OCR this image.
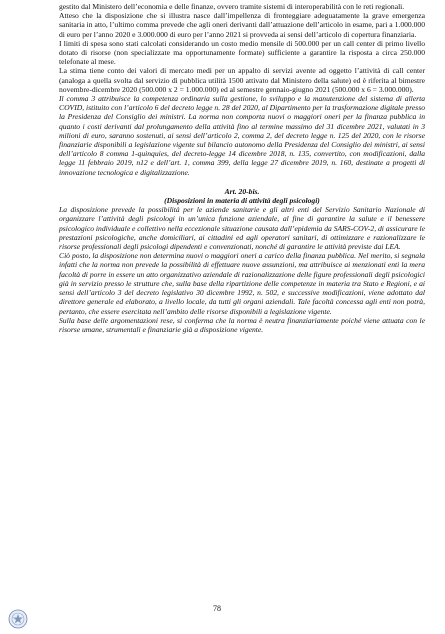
gestito dal Ministero dell’economia e delle finanze, ovvero tramite sistemi di interoperabilità con le reti regionali.

Atteso che la disposizione che si illustra nasce dall’impellenza di fronteggiare adeguatamente la grave emergenza sanitaria in atto, l’ultimo comma prevede che agli oneri derivanti dall’attuazione dell’articolo in esame, pari a 1.000.000 di euro per l’anno 2020 e 3.000.000 di euro per l’anno 2021 si provveda ai sensi dell’articolo di copertura finanziaria.

I limiti di spesa sono stati calcolati considerando un costo medio mensile di 500.000 per un call center di primo livello dotato di risorse (non specializzate ma opportunamente formate) sufficiente a garantire la risposta a circa 250.000 telefonate al mese.

La stima tiene conto dei valori di mercato medi per un appalto di servizi avente ad oggetto l’attività di call center (analoga a quella svolta dal servizio di pubblica utilità 1500 attivato dal Ministero della salute) ed è riferita al bimestre novembre-dicembre 2020 (500.000 x 2 = 1.000.000) ed al semestre gennaio-giugno 2021 (500.000 x 6 = 3.000.000).

Il comma 3 attribuisce la competenza ordinaria sulla gestione, lo sviluppo e la manutenzione del sistema di allerta COVID, istituito con l’articolo 6 del decreto legge n. 28 del 2020, al Dipartimento per la trasformazione digitale presso la Presidenza del Consiglio dei ministri. La norma non comporta nuovi o maggiori oneri per la finanza pubblica in quanto i costi derivanti dal prolungamento della attività fino al termine massimo del 31 dicembre 2021, valutati in 3 milioni di euro, saranno sostenuti, ai sensi dell’articolo 2, comma 2, del decreto legge n. 125 del 2020, con le risorse finanziarie disponibili a legislazione vigente sul bilancio autonomo della Presidenza del Consiglio dei ministri, ai sensi dell’articolo 8 comma 1-quinquies, del decreto-legge 14 dicembre 2018, n. 135, convertito, con modificazioni, dalla legge 11 febbraio 2019, n12 e dell’art. 1, comma 399, della legge 27 dicembre 2019, n. 160, destinate a progetti di innovazione tecnologica e digitalizzazione.

Art. 20-bis.
(Disposizioni in materia di attività degli psicologi)

La disposizione prevede la possibilità per le aziende sanitarie e gli altri enti del Servizio Sanitario Nazionale di organizzare l’attività degli psicologi in un’unica funzione aziendale, al fine di garantire la salute e il benessere psicologico individuale e collettivo nella eccezionale situazione causata dall’epidemia da SARS-COV-2, di assicurare le prestazioni psicologiche, anche domiciliari, ai cittadini ed agli operatori sanitari, di ottimizzare e razionalizzare le risorse professionali degli psicologi dipendenti e convenzionati, nonché di garantire le attività previste dai LEA.

Ciò posto, la disposizione non determina nuovi o maggiori oneri a carico della finanza pubblica. Nel merito, si segnala infatti che la norma non prevede la possibilità di effettuare nuove assunzioni, ma attribuisce ai menzionati enti la mera facoltà di porre in essere un atto organizzativo aziendale di razionalizzazione delle figure professionali degli psicologici già in servizio presso le strutture che, sulla base della ripartizione delle competenze in materia tra Stato e Regioni, e ai sensi dell’articolo 3 del decreto legislativo 30 dicembre 1992, n. 502, e successive modificazioni, viene adottato dal direttore generale ed elaborato, a livello locale, da tutti gli organi aziendali. Tale facoltà concessa agli enti non potrà, pertanto, che essere esercitata nell’ambito delle risorse disponibili a legislazione vigente.

Sulla base delle argomentazioni rese, si conferma che la norma è neutra finanziariamente poiché viene attuata con le risorse umane, strumentali e finanziarie già a disposizione vigente.

78
